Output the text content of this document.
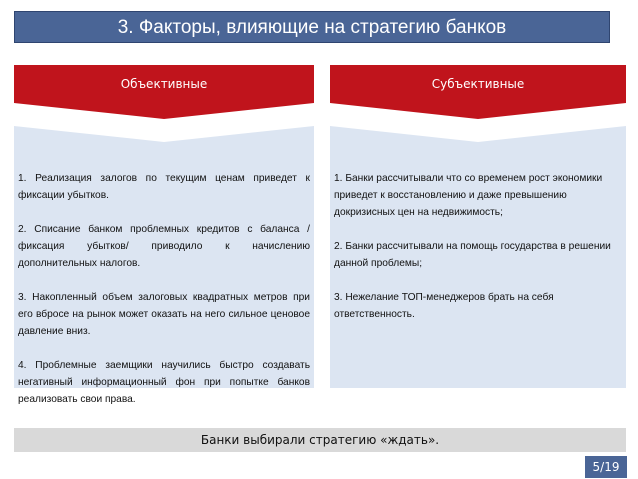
3. Факторы, влияющие на стратегию банков
Объективные	Субъективные
1. Реализация залогов по текущим ценам приведет к фиксации убытков.
2. Списание банком проблемных кредитов с баланса /фиксация убытков/ приводило к начислению дополнительных налогов.
3. Накопленный объем залоговых квадратных метров при его вбросе на рынок может оказать на него сильное ценовое давление вниз.
4. Проблемные заемщики научились быстро создавать негативный информационный фон при попытке банков реализовать свои права.
1. Банки рассчитывали что со временем рост экономики приведет к восстановлению и даже превышению докризисных цен на недвижимость;
2. Банки рассчитывали на помощь государства в решении данной проблемы;
3. Нежелание ТОП-менеджеров брать на себя ответственность.
Банки выбирали стратегию «ждать».
5/19
